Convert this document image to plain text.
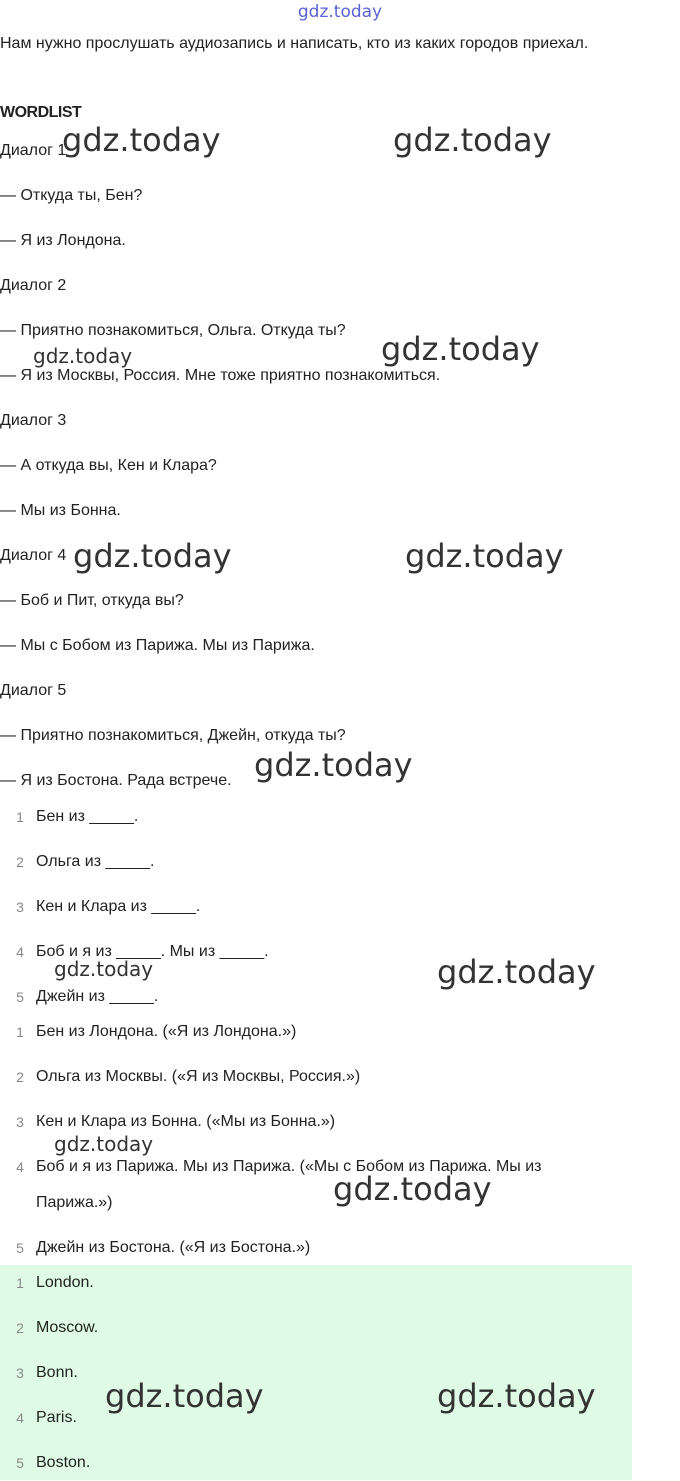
gdz.today

Нам нужно прослушать аудиозапись и написать, кто из каких городов приехал.

WORDLIST

Диалог 1

— Откуда ты, Бен?

— Я из Лондона.

Диалог 2

— Приятно познакомиться, Ольга. Откуда ты?

— Я из Москвы, Россия. Мне тоже приятно познакомиться.

Диалог 3

— А откуда вы, Кен и Клара?

— Мы из Бонна.

Диалог 4

— Боб и Пит, откуда вы?

— Мы с Бобом из Парижа. Мы из Парижа.

Диалог 5

— Приятно познакомиться, Джейн, откуда ты?

— Я из Бостона. Рада встрече.

1 Бен из _____.
2 Ольга из _____.
3 Кен и Клара из _____.
4 Боб и я из _____. Мы из _____.
5 Джейн из _____.
1 Бен из Лондона. («Я из Лондона.»)
2 Ольга из Москвы. («Я из Москвы, Россия.»)
3 Кен и Клара из Бонна. («Мы из Бонна.»)
4 Боб и я из Парижа. Мы из Парижа. («Мы с Бобом из Парижа. Мы из Парижа.»)
5 Джейн из Бостона. («Я из Бостона.»)
1 London.
2 Moscow.
3 Bonn.
4 Paris.
5 Boston.
gdz.today	gdz.today
gdz.today	gdz.today
gdz.today	gdz.today
gdz.today
gdz.today	gdz.today
gdz.today
gdz.today
gdz.today	gdz.today
